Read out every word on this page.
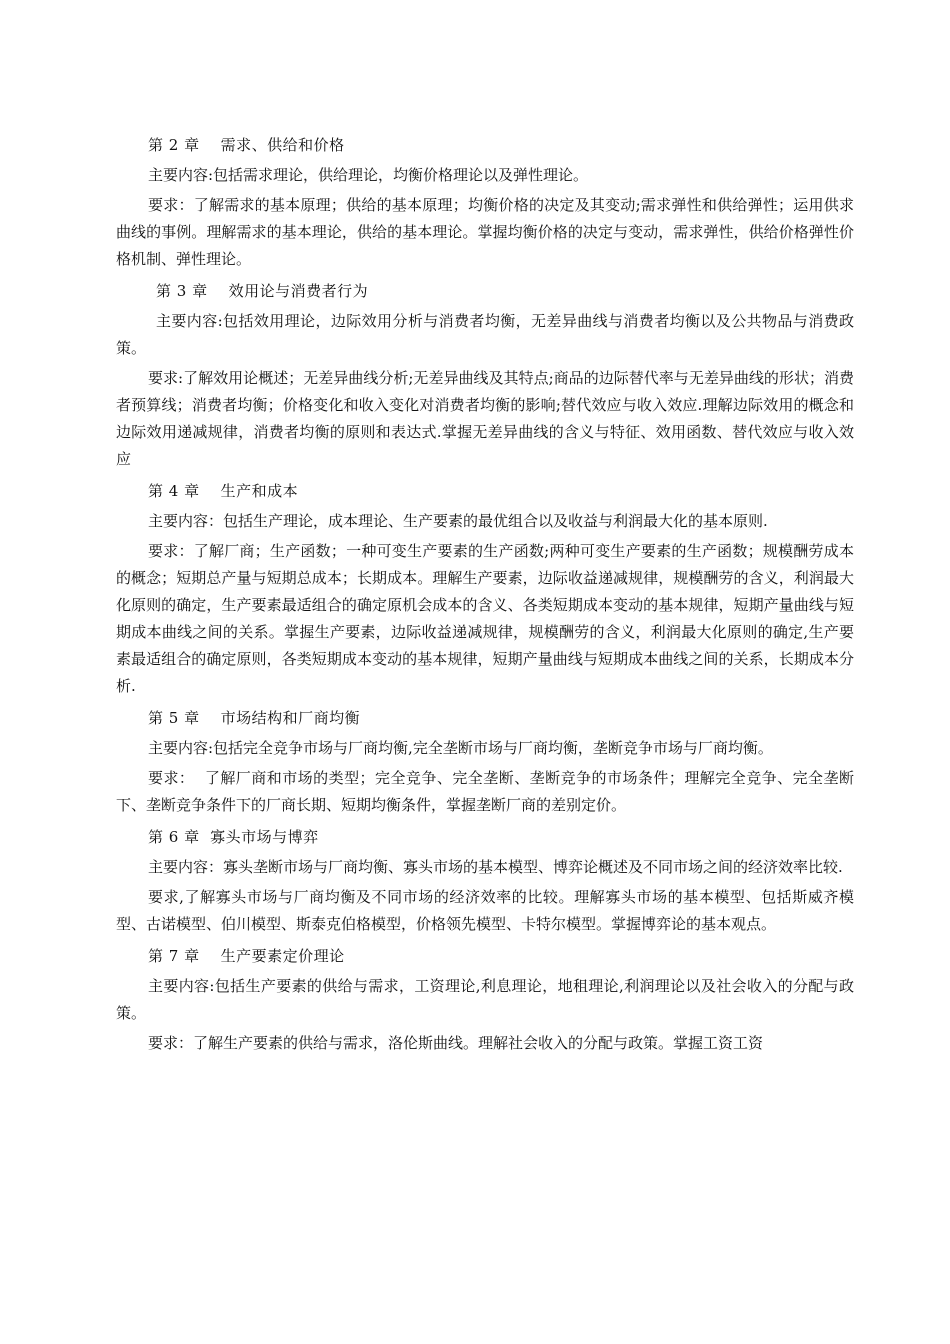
第 2 章    需求、供给和价格

主要内容:包括需求理论，供给理论，均衡价格理论以及弹性理论。

要求：了解需求的基本原理；供给的基本原理；均衡价格的决定及其变动;需求弹性和供给弹性；运用供求曲线的事例。理解需求的基本理论，供给的基本理论。掌握均衡价格的决定与变动，需求弹性，供给价格弹性价格机制、弹性理论。

第 3 章    效用论与消费者行为

主要内容:包括效用理论，边际效用分析与消费者均衡，无差异曲线与消费者均衡以及公共物品与消费政策。

要求:了解效用论概述；无差异曲线分析;无差异曲线及其特点;商品的边际替代率与无差异曲线的形状；消费者预算线；消费者均衡；价格变化和收入变化对消费者均衡的影响;替代效应与收入效应.理解边际效用的概念和边际效用递减规律，消费者均衡的原则和表达式.掌握无差异曲线的含义与特征、效用函数、替代效应与收入效应

第 4 章    生产和成本

主要内容：包括生产理论，成本理论、生产要素的最优组合以及收益与利润最大化的基本原则.

要求：了解厂商；生产函数；一种可变生产要素的生产函数;两种可变生产要素的生产函数；规模酬劳成本的概念；短期总产量与短期总成本；长期成本。理解生产要素，边际收益递减规律，规模酬劳的含义，利润最大化原则的确定，生产要素最适组合的确定原机会成本的含义、各类短期成本变动的基本规律，短期产量曲线与短期成本曲线之间的关系。掌握生产要素，边际收益递减规律，规模酬劳的含义，利润最大化原则的确定,生产要素最适组合的确定原则，各类短期成本变动的基本规律，短期产量曲线与短期成本曲线之间的关系，长期成本分析.

第 5 章    市场结构和厂商均衡

主要内容:包括完全竞争市场与厂商均衡,完全垄断市场与厂商均衡，垄断竞争市场与厂商均衡。

要求：  了解厂商和市场的类型；完全竞争、完全垄断、垄断竞争的市场条件；理解完全竞争、完全垄断下、垄断竞争条件下的厂商长期、短期均衡条件，掌握垄断厂商的差别定价。

第 6 章  寡头市场与博弈

主要内容：寡头垄断市场与厂商均衡、寡头市场的基本模型、博弈论概述及不同市场之间的经济效率比较.

要求,了解寡头市场与厂商均衡及不同市场的经济效率的比较。理解寡头市场的基本模型、包括斯威齐模型、古诺模型、伯川模型、斯泰克伯格模型，价格领先模型、卡特尔模型。掌握博弈论的基本观点。

第 7 章    生产要素定价理论

主要内容:包括生产要素的供给与需求，工资理论,利息理论，地租理论,利润理论以及社会收入的分配与政策。

要求：了解生产要素的供给与需求，洛伦斯曲线。理解社会收入的分配与政策。掌握工资工资
